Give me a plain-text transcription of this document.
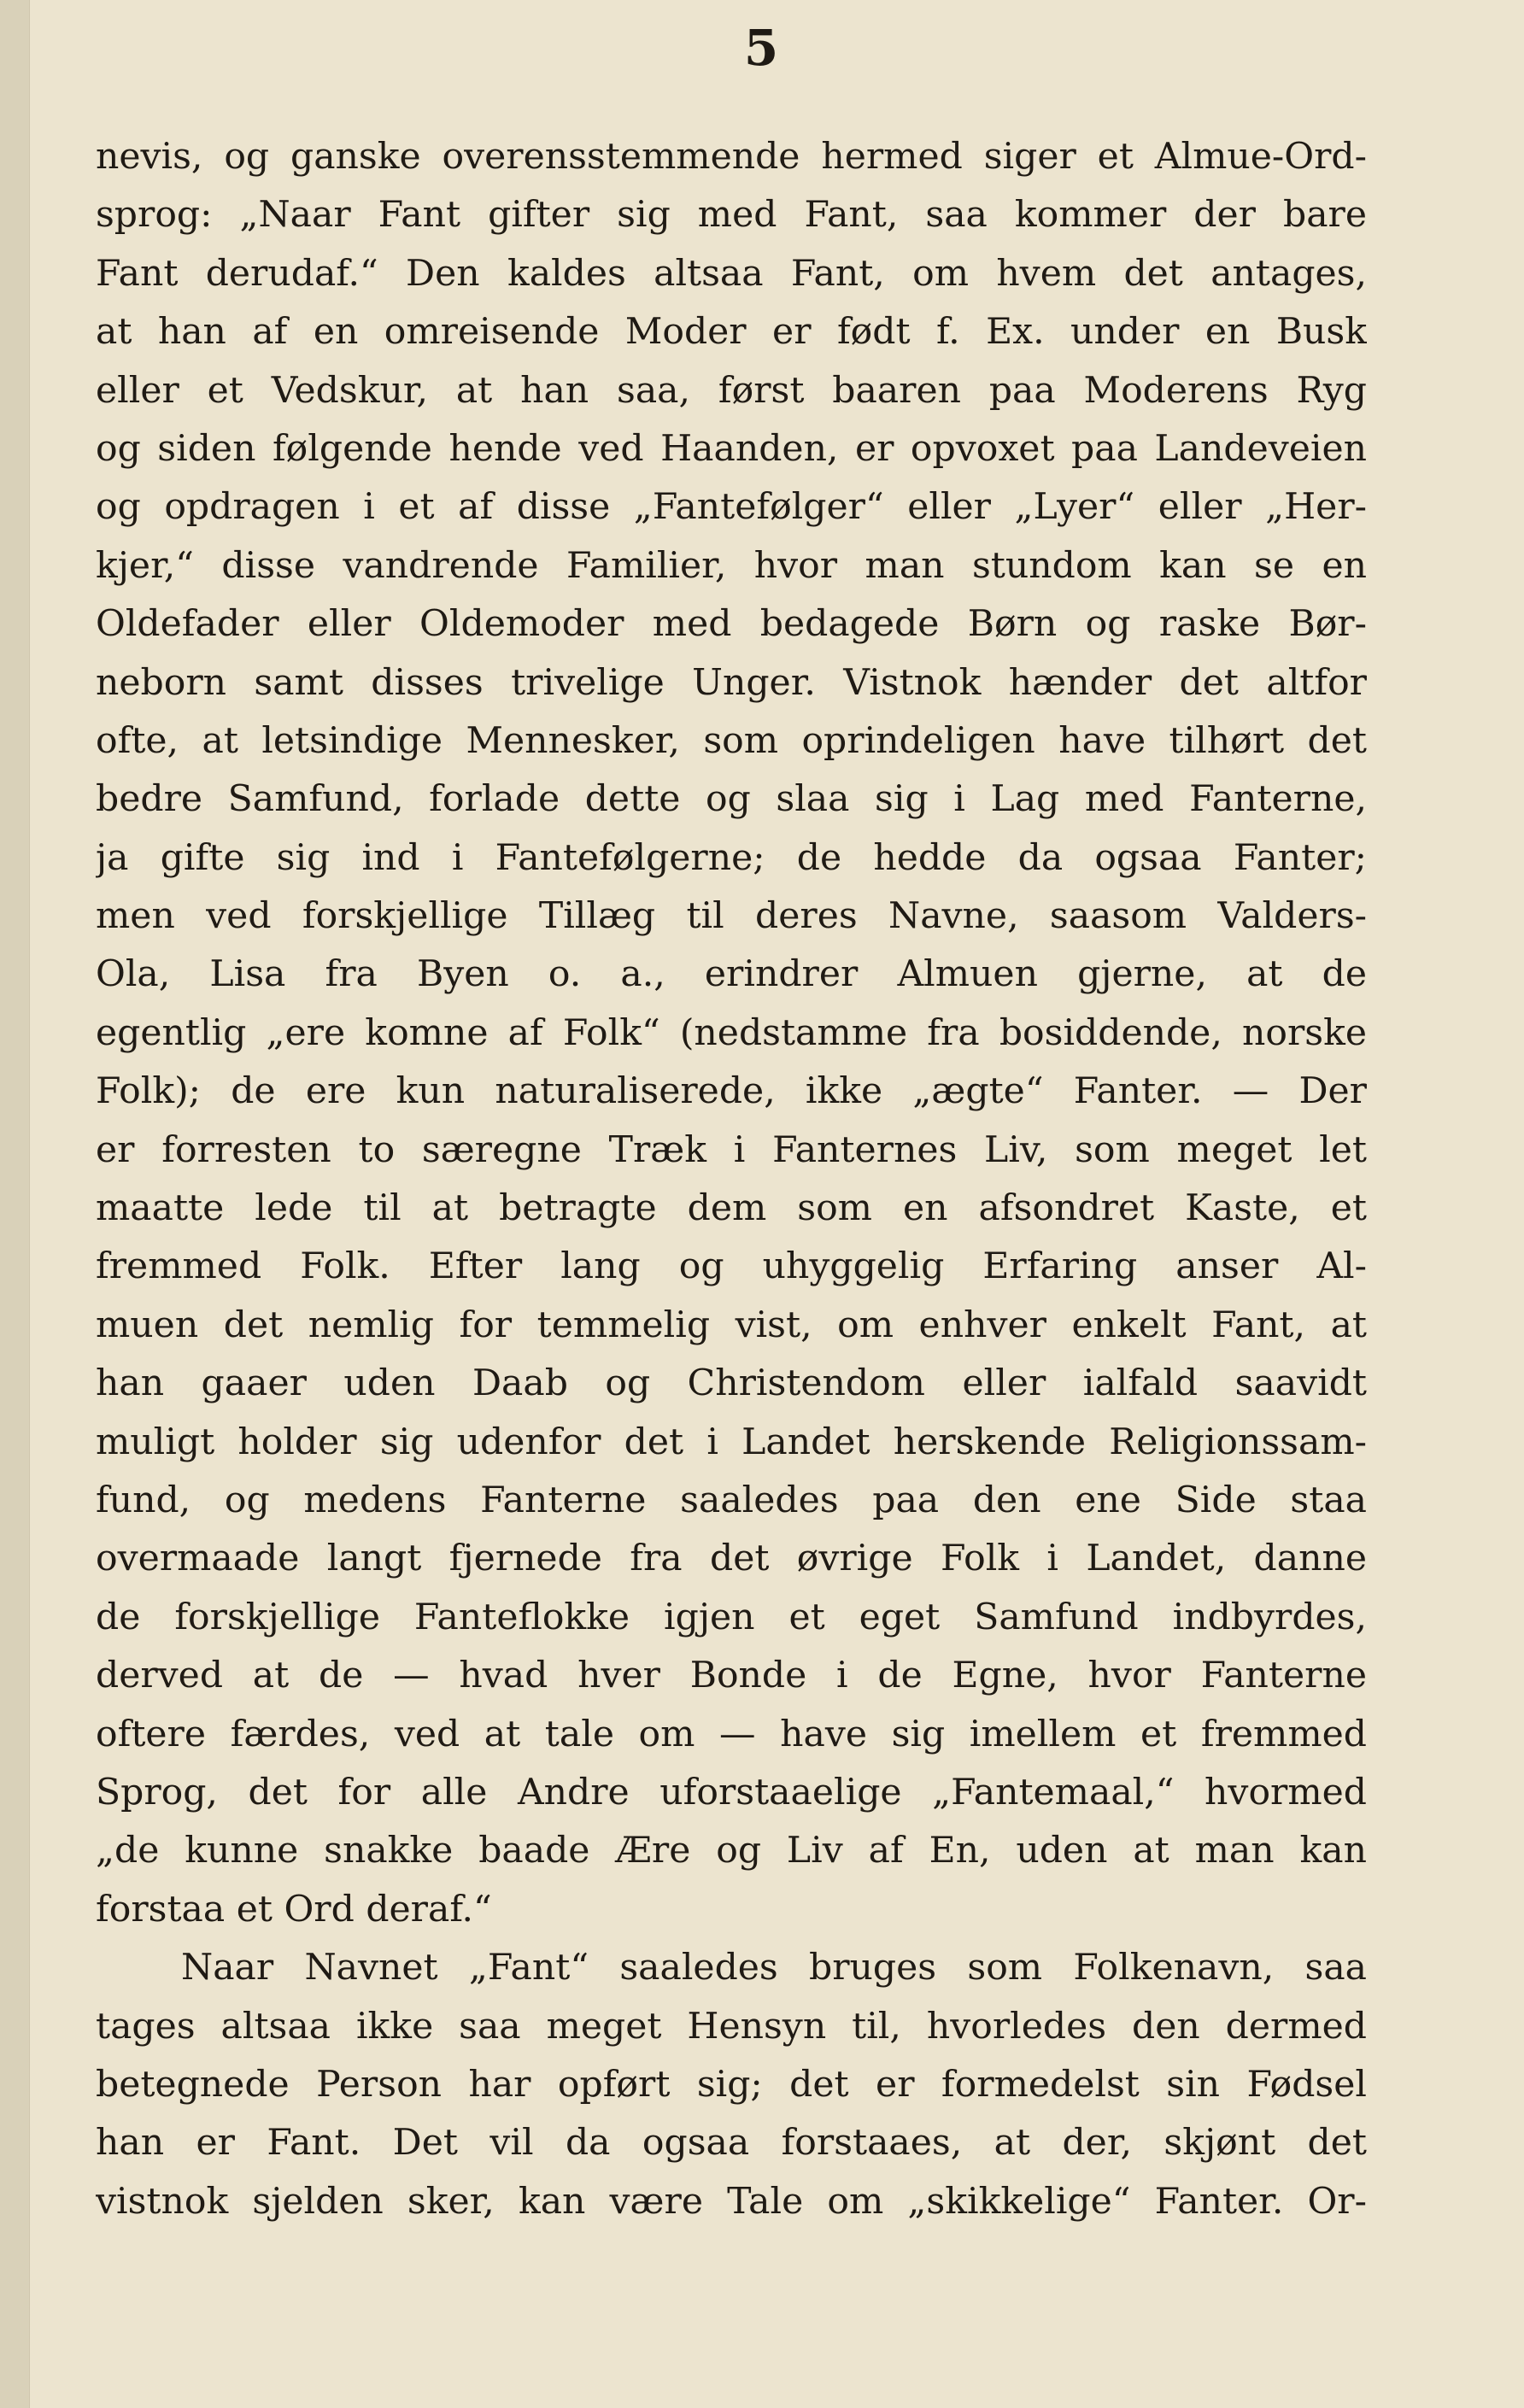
5
nevis, og ganske overensstemmende hermed siger et Almue-Ord-
sprog: „Naar Fant gifter sig med Fant, saa kommer der bare
Fant derudaf.“ Den kaldes altsaa Fant, om hvem det antages,
at han af en omreisende Moder er født f. Ex. under en Busk
eller et Vedskur, at han saa, først baaren paa Moderens Ryg
og siden følgende hende ved Haanden, er opvoxet paa Landeveien
og opdragen i et af disse „Fantefølger“ eller „Lyer“ eller „Her-
kjer,“ disse vandrende Familier, hvor man stundom kan se en
Oldefader eller Oldemoder med bedagede Børn og raske Bør-
neborn samt disses trivelige Unger. Vistnok hænder det altfor
ofte, at letsindige Mennesker, som oprindeligen have tilhørt det
bedre Samfund, forlade dette og slaa sig i Lag med Fanterne,
ja gifte sig ind i Fantefølgerne; de hedde da ogsaa Fanter;
men ved forskjellige Tillæg til deres Navne, saasom Valders-
Ola, Lisa fra Byen o. a., erindrer Almuen gjerne, at de
egentlig „ere komne af Folk“ (nedstamme fra bosiddende, norske
Folk); de ere kun naturaliserede, ikke „ægte“ Fanter. — Der
er forresten to særegne Træk i Fanternes Liv, som meget let
maatte lede til at betragte dem som en afsondret Kaste, et
fremmed Folk. Efter lang og uhyggelig Erfaring anser Al-
muen det nemlig for temmelig vist, om enhver enkelt Fant, at
han gaaer uden Daab og Christendom eller ialfald saavidt
muligt holder sig udenfor det i Landet herskende Religionssam-
fund, og medens Fanterne saaledes paa den ene Side staa
overmaade langt fjernede fra det øvrige Folk i Landet, danne
de forskjellige Fanteflokke igjen et eget Samfund indbyrdes,
derved at de — hvad hver Bonde i de Egne, hvor Fanterne
oftere færdes, ved at tale om — have sig imellem et fremmed
Sprog, det for alle Andre uforstaaelige „Fantemaal,“ hvormed
„de kunne snakke baade Ære og Liv af En, uden at man kan
forstaa et Ord deraf.“
Naar Navnet „Fant“ saaledes bruges som Folkenavn, saa
tages altsaa ikke saa meget Hensyn til, hvorledes den dermed
betegnede Person har opført sig; det er formedelst sin Fødsel
han er Fant. Det vil da ogsaa forstaaes, at der, skjønt det
vistnok sjelden sker, kan være Tale om „skikkelige“ Fanter. Or-
